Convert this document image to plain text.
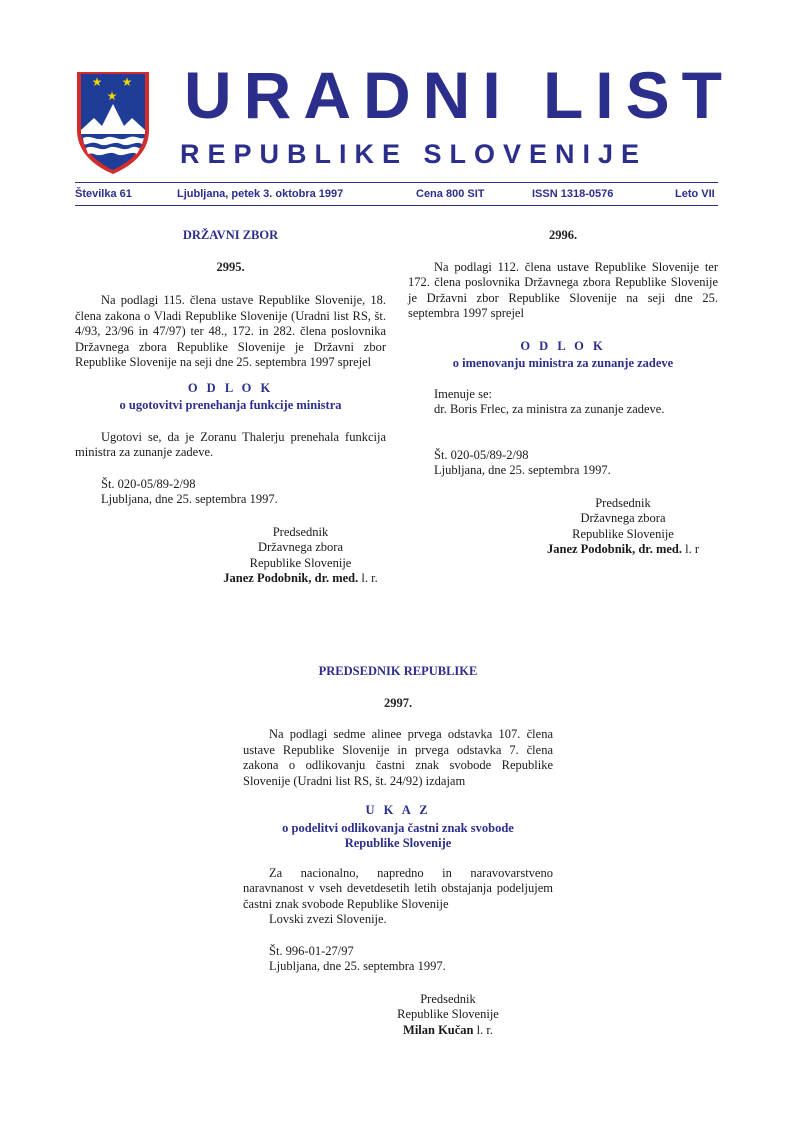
★ ★
★ URADNI LIST
REPUBLIKE SLOVENIJE
Številka 61	Ljubljana, petek 3. oktobra 1997	Cena 800 SIT	ISSN 1318-0576	Leto VII
DRŽAVNI ZBOR
2995.

Na podlagi 115. člena ustave Republike Slovenije, 18. člena zakona o Vladi Republike Slovenije (Uradni list RS, št. 4/93, 23/96 in 47/97) ter 48., 172. in 282. člena poslovnika Državnega zbora Republike Slovenije je Državni zbor Republike Slovenije na seji dne 25. septembra 1997 sprejel

O D L O K
o ugotovitvi prenehanja funkcije ministra

Ugotovi se, da je Zoranu Thalerju prenehala funkcija ministra za zunanje zadeve.

Št. 020-05/89-2/98

Ljubljana, dne 25. septembra 1997.

Predsednik
Državnega zbora
Republike Slovenije
Janez Podobnik, dr. med. l. r.
2996.

Na podlagi 112. člena ustave Republike Slovenije ter 172. člena poslovnika Državnega zbora Republike Slovenije je Državni zbor Republike Slovenije na seji dne 25. septembra 1997 sprejel

O D L O K
o imenovanju ministra za zunanje zadeve

Imenuje se:

dr. Boris Frlec, za ministra za zunanje zadeve.

Št. 020-05/89-2/98

Ljubljana, dne 25. septembra 1997.

Predsednik
Državnega zbora
Republike Slovenije
Janez Podobnik, dr. med. l. r
PREDSEDNIK REPUBLIKE
2997.

Na podlagi sedme alinee prvega odstavka 107. člena ustave Republike Slovenije in prvega odstavka 7. člena zakona o odlikovanju častni znak svobode Republike Slovenije (Uradni list RS, št. 24/92) izdajam

U K A Z
o podelitvi odlikovanja častni znak svobode
Republike Slovenije

Za nacionalno, napredno in naravovarstveno naravnanost v vseh devetdesetih letih obstajanja podeljujem častni znak svobode Republike Slovenije

Lovski zvezi Slovenije.

Št. 996-01-27/97

Ljubljana, dne 25. septembra 1997.

Predsednik
Republike Slovenije
Milan Kučan l. r.
